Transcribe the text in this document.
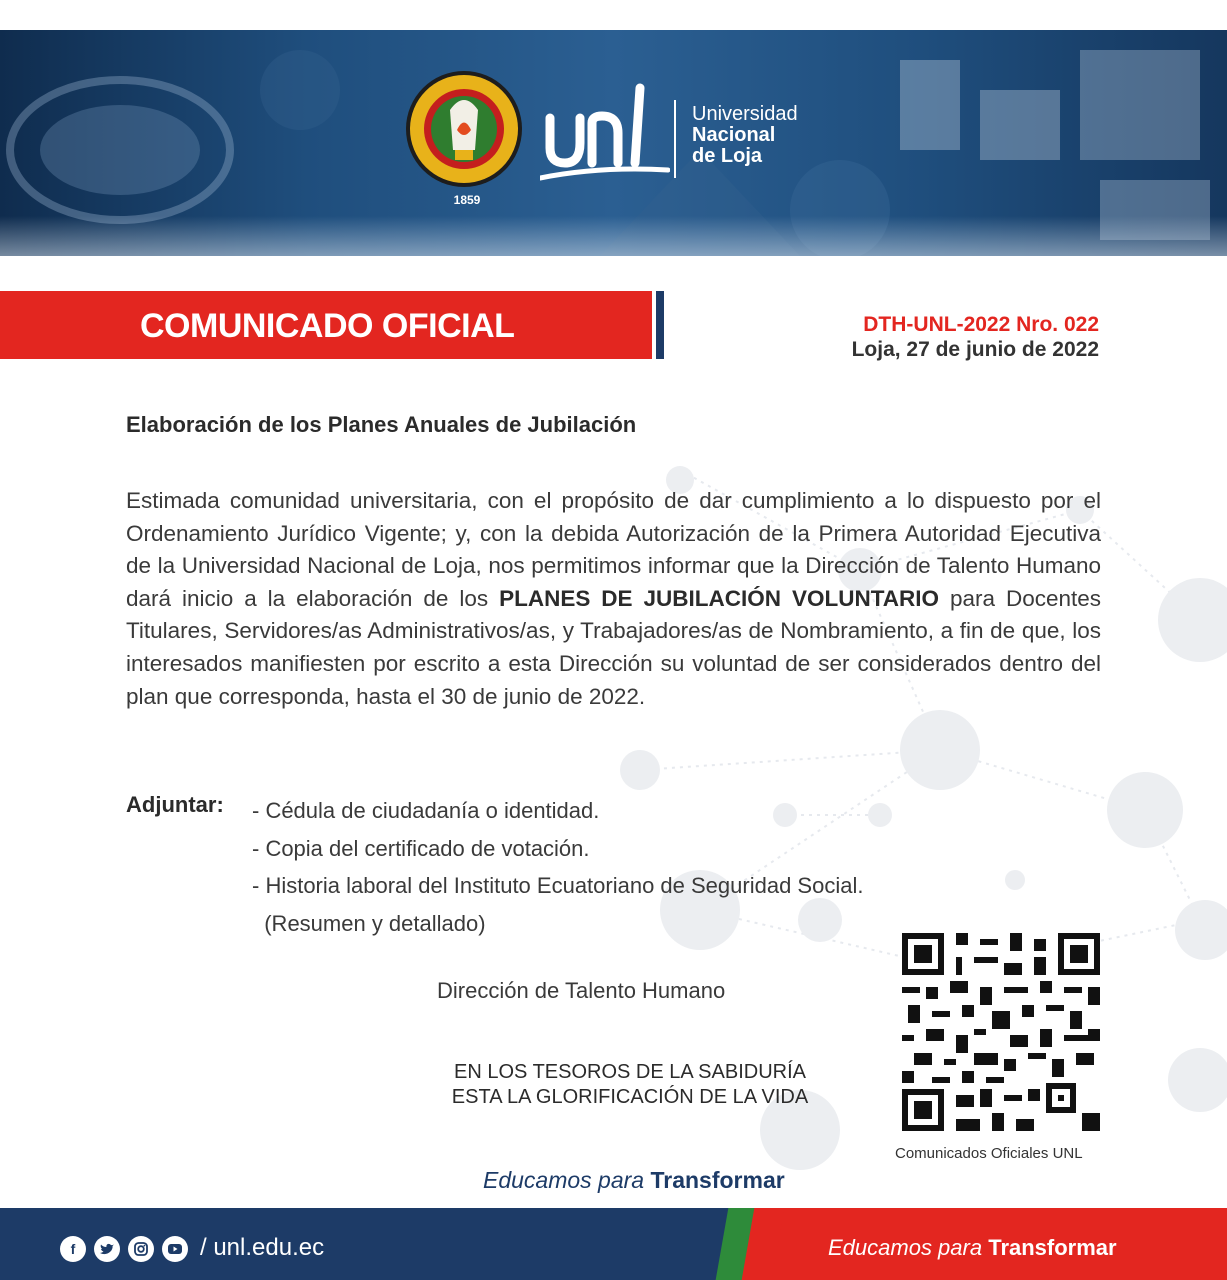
1859
Universidad
Nacional
de Loja
COMUNICADO OFICIAL	DTH-UNL-2022 Nro. 022
Loja, 27 de junio de 2022
Elaboración de los Planes Anuales de Jubilación
Estimada comunidad universitaria, con el propósito de dar cumplimiento a lo dispuesto por el Ordenamiento Jurídico Vigente; y, con la debida Autorización de la Primera Autoridad Ejecutiva de la Universidad Nacional de Loja, nos permitimos informar que la Dirección de Talento Humano dará inicio a la elaboración de los PLANES DE JUBILACIÓN VOLUNTARIO para Docentes Titulares, Servidores/as Administrativos/as, y Trabajadores/as de Nombramiento, a fin de que, los interesados manifiesten por escrito a esta Dirección su voluntad de ser considerados dentro del plan que corresponda, hasta el 30 de junio de 2022.
Adjuntar: - Cédula de ciudadanía o identidad.
- Copia del certificado de votación.
- Historia laboral del Instituto Ecuatoriano de Seguridad Social.
(Resumen y detallado)
Dirección de Talento Humano
EN LOS TESOROS DE LA SABIDURÍA
ESTA LA GLORIFICACIÓN DE LA VIDA
Comunicados Oficiales UNL
Educamos para Transformar
f	/ unl.edu.ec	Educamos para Transformar
